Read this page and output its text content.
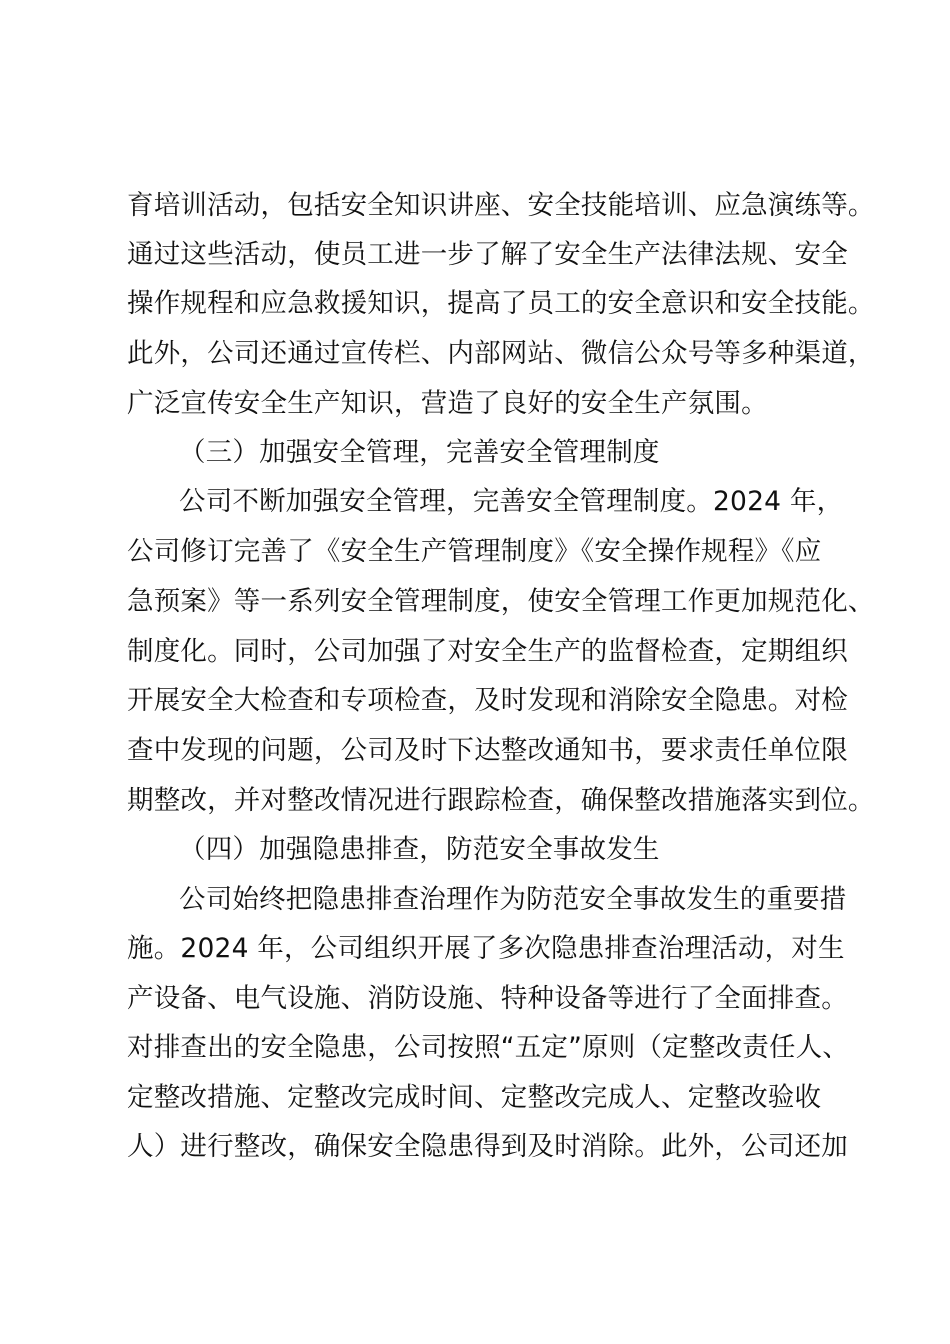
育培训活动，包括安全知识讲座、安全技能培训、应急演练等。
通过这些活动，使员工进一步了解了安全生产法律法规、安全
操作规程和应急救援知识，提高了员工的安全意识和安全技能。
此外，公司还通过宣传栏、内部网站、微信公众号等多种渠道，
广泛宣传安全生产知识，营造了良好的安全生产氛围。
（三）加强安全管理，完善安全管理制度
公司不断加强安全管理，完善安全管理制度。2024 年，
公司修订完善了《安全生产管理制度》《安全操作规程》《应
急预案》等一系列安全管理制度，使安全管理工作更加规范化、
制度化。同时，公司加强了对安全生产的监督检查，定期组织
开展安全大检查和专项检查，及时发现和消除安全隐患。对检
查中发现的问题，公司及时下达整改通知书，要求责任单位限
期整改，并对整改情况进行跟踪检查，确保整改措施落实到位。
（四）加强隐患排查，防范安全事故发生
公司始终把隐患排查治理作为防范安全事故发生的重要措
施。2024 年，公司组织开展了多次隐患排查治理活动，对生
产设备、电气设施、消防设施、特种设备等进行了全面排查。
对排查出的安全隐患，公司按照“五定”原则（定整改责任人、
定整改措施、定整改完成时间、定整改完成人、定整改验收
人）进行整改，确保安全隐患得到及时消除。此外，公司还加
